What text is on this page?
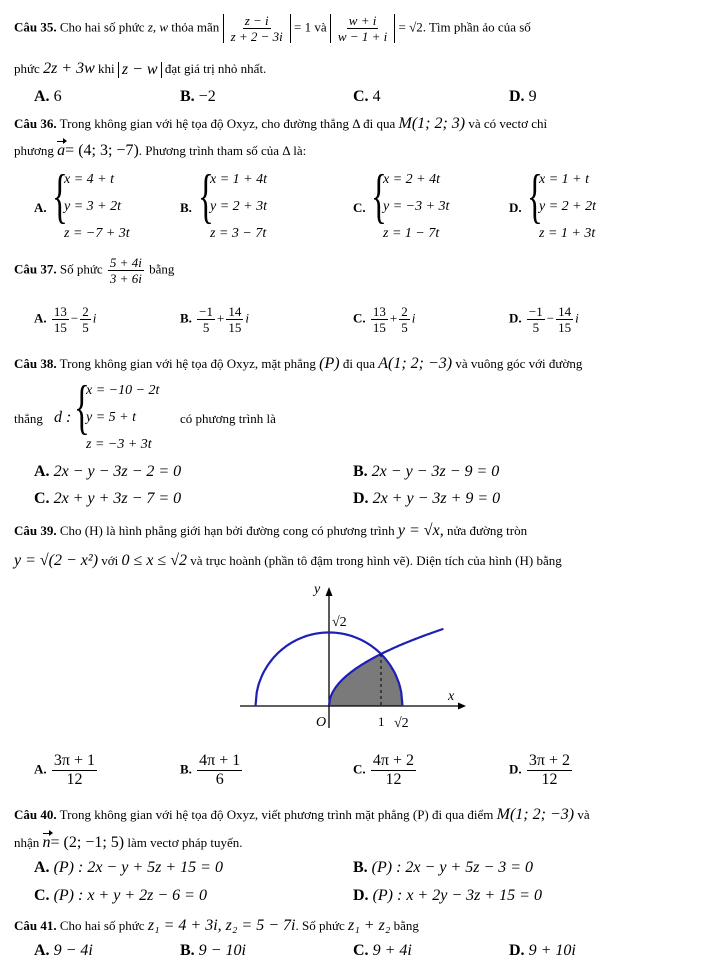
Câu 35. Cho hai số phức z, w thỏa mãn $\frac{z - i}{z + 2 - 3i} = 1$ và $\frac{w + i}{w - 1 + i} = √2$. Tìm phần ảo của số
phức 2z + 3w khi z − w đạt giá trị nhỏ nhất.
A. 6	B. −2	C. 4	D. 9
Câu 36. Trong không gian với hệ tọa độ Oxyz, cho đường thẳng Δ đi qua M(1; 2; 3) và có vectơ chỉ
phương a= (4; 3; −7). Phương trình tham số của Δ là:
A. {
x = 4 + t
y = 3 + 2t
z = −7 + 3t
B. {
x = 1 + 4t
y = 2 + 3t
z = 3 − 7t
C. {
x = 2 + 4t
y = −3 + 3t
z = 1 − 7t
D. {
x = 1 + t
y = 2 + 2t
z = 1 + 3t
Câu 37. Số phức $\frac{5 + 4i}{3 + 6i}$ bằng
A. $\frac{13}{15} - \frac{2}{5}$ i	B. $\frac{-1}{5} + \frac{14}{15}$ i	C. $\frac{13}{15} + \frac{2}{5}$ i	D. $\frac{-1}{5} - \frac{14}{15}$ i
Câu 38. Trong không gian với hệ tọa độ Oxyz, mặt phẳng (P) đi qua A(1; 2; −3) và vuông góc với đường
thẳng d : {
x = −10 − 2t
y = 5 + t
z = −3 + 3t
có phương trình là
A. 2x − y − 3z − 2 = 0	B. 2x − y − 3z − 9 = 0
C. 2x + y + 3z − 7 = 0	D. 2x + y − 3z + 9 = 0
Câu 39. Cho (H) là hình phẳng giới hạn bởi đường cong có phương trình y = √x, nửa đường tròn
y = √(2 − x²) với 0 ≤ x ≤ √2 và trục hoành (phần tô đậm trong hình vẽ). Diện tích của hình (H) bằng
y
x
O
√2
1 √2
A. $\frac{3\pi + 1}{12}$	B. $\frac{4\pi + 1}{6}$	C. $\frac{4\pi + 2}{12}$	D. $\frac{3\pi + 2}{12}$
Câu 40. Trong không gian với hệ tọa độ Oxyz, viết phương trình mặt phẳng (P) đi qua điểm M(1; 2; −3) và
nhận n= (2; −1; 5) làm vectơ pháp tuyến.
A. (P) : 2x − y + 5z + 15 = 0	B. (P) : 2x − y + 5z − 3 = 0
C. (P) : x + y + 2z − 6 = 0	D. (P) : x + 2y − 3z + 15 = 0
Câu 41. Cho hai số phức z₁ = 4 + 3i, z₂ = 5 − 7i. Số phức z₁ + z₂ bằng
A. 9 − 4i	B. 9 − 10i	C. 9 + 4i	D. 9 + 10i
